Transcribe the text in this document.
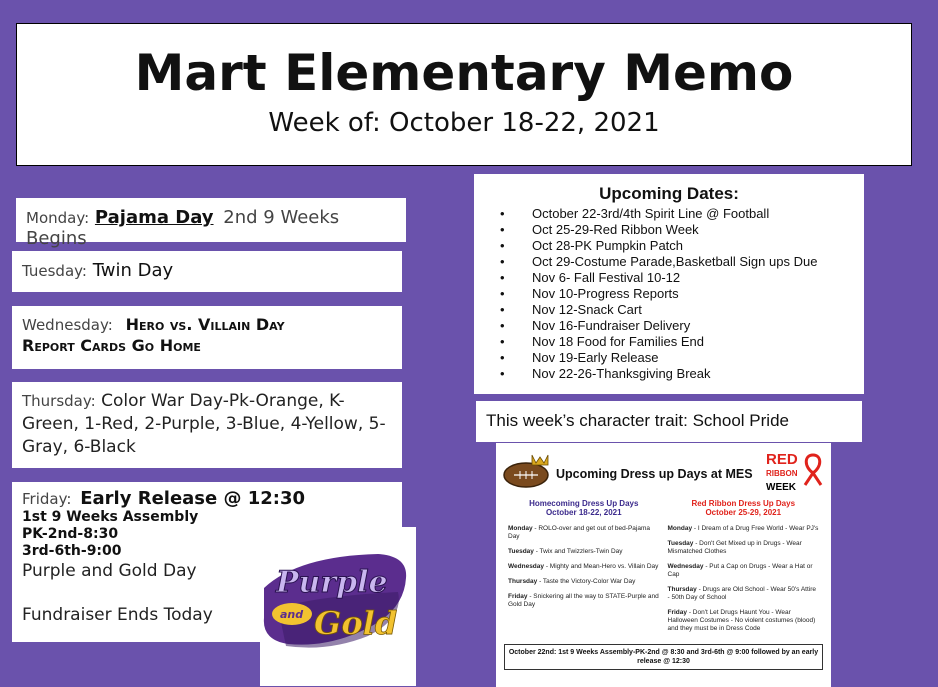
Mart Elementary Memo
Week of: October 18-22, 2021
Monday: Pajama Day 2nd 9 Weeks Begins
Tuesday: Twin Day
Wednesday: Hero vs. Villain Day
Report Cards Go Home
Thursday: Color War Day-Pk-Orange, K-Green, 1-Red, 2-Purple, 3-Blue, 4-Yellow, 5-Gray, 6-Black
Friday: Early Release @ 12:30
1st 9 Weeks Assembly
PK-2nd-8:30
3rd-6th-9:00
Purple and Gold Day
Fundraiser Ends Today
Purple
and Gold
Upcoming Dates:
• October 22-3rd/4th Spirit Line @ Football
• Oct 25-29-Red Ribbon Week
• Oct 28-PK Pumpkin Patch
• Oct 29-Costume Parade,Basketball Sign ups Due
• Nov 6- Fall Festival 10-12
• Nov 10-Progress Reports
• Nov 12-Snack Cart
• Nov 16-Fundraiser Delivery
• Nov 18 Food for Families End
• Nov 19-Early Release
• Nov 22-26-Thanksgiving Break
This week’s character trait: School Pride
Upcoming Dress up Days at MES
RED
RIBBON
WEEK
Homecoming Dress Up Days
October 18-22, 2021

Monday - ROLO-over and get out of bed-Pajama Day

Tuesday - Twix and Twizzlers-Twin Day

Wednesday - Mighty and Mean-Hero vs. Villain Day

Thursday - Taste the Victory-Color War Day

Friday - Snickering all the way to STATE-Purple and Gold Day

Red Ribbon Dress Up Days
October 25-29, 2021

Monday - I Dream of a Drug Free World - Wear PJ's

Tuesday - Don't Get Mixed up in Drugs - Wear Mismatched Clothes

Wednesday - Put a Cap on Drugs - Wear a Hat or Cap

Thursday - Drugs are Old School - Wear 50's Attire - 50th Day of School

Friday - Don't Let Drugs Haunt You - Wear Halloween Costumes - No violent costumes (blood) and they must be in Dress Code

October 22nd: 1st 9 Weeks Assembly-PK-2nd @ 8:30 and 3rd-6th @ 9:00 followed by an early release @ 12:30
